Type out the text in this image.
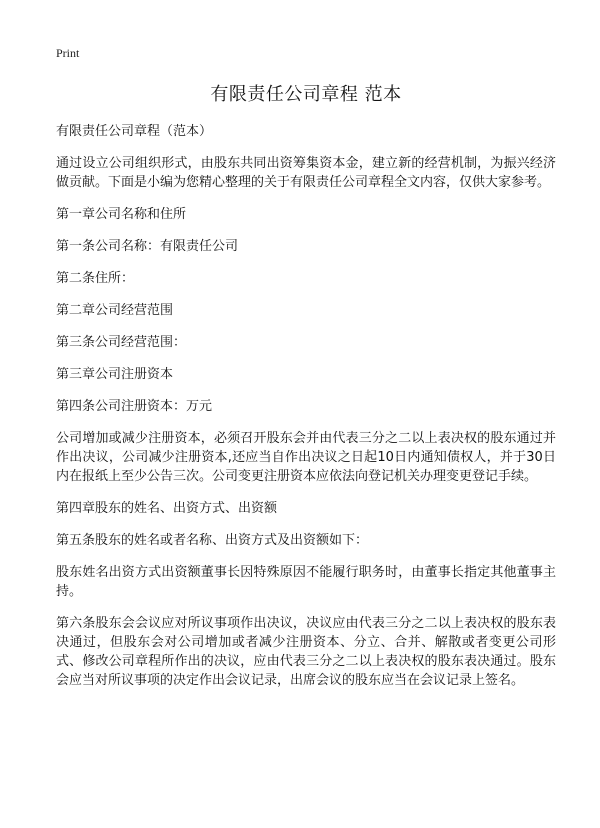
Print

有限责任公司章程 范本

有限责任公司章程（范本）

通过设立公司组织形式，由股东共同出资筹集资本金，建立新的经营机制，为振兴经济做贡献。下面是小编为您精心整理的关于有限责任公司章程全文内容，仅供大家参考。

第一章公司名称和住所

第一条公司名称：有限责任公司

第二条住所：

第二章公司经营范围

第三条公司经营范围：

第三章公司注册资本

第四条公司注册资本：万元

公司增加或减少注册资本，必须召开股东会并由代表三分之二以上表决权的股东通过并作出决议，公司减少注册资本,还应当自作出决议之日起10日内通知债权人，并于30日内在报纸上至少公告三次。公司变更注册资本应依法向登记机关办理变更登记手续。

第四章股东的姓名、出资方式、出资额

第五条股东的姓名或者名称、出资方式及出资额如下：

股东姓名出资方式出资额董事长因特殊原因不能履行职务时，由董事长指定其他董事主持。

第六条股东会会议应对所议事项作出决议，决议应由代表三分之二以上表决权的股东表决通过，但股东会对公司增加或者减少注册资本、分立、合并、解散或者变更公司形式、修改公司章程所作出的决议，应由代表三分之二以上表决权的股东表决通过。股东会应当对所议事项的决定作出会议记录，出席会议的股东应当在会议记录上签名。
